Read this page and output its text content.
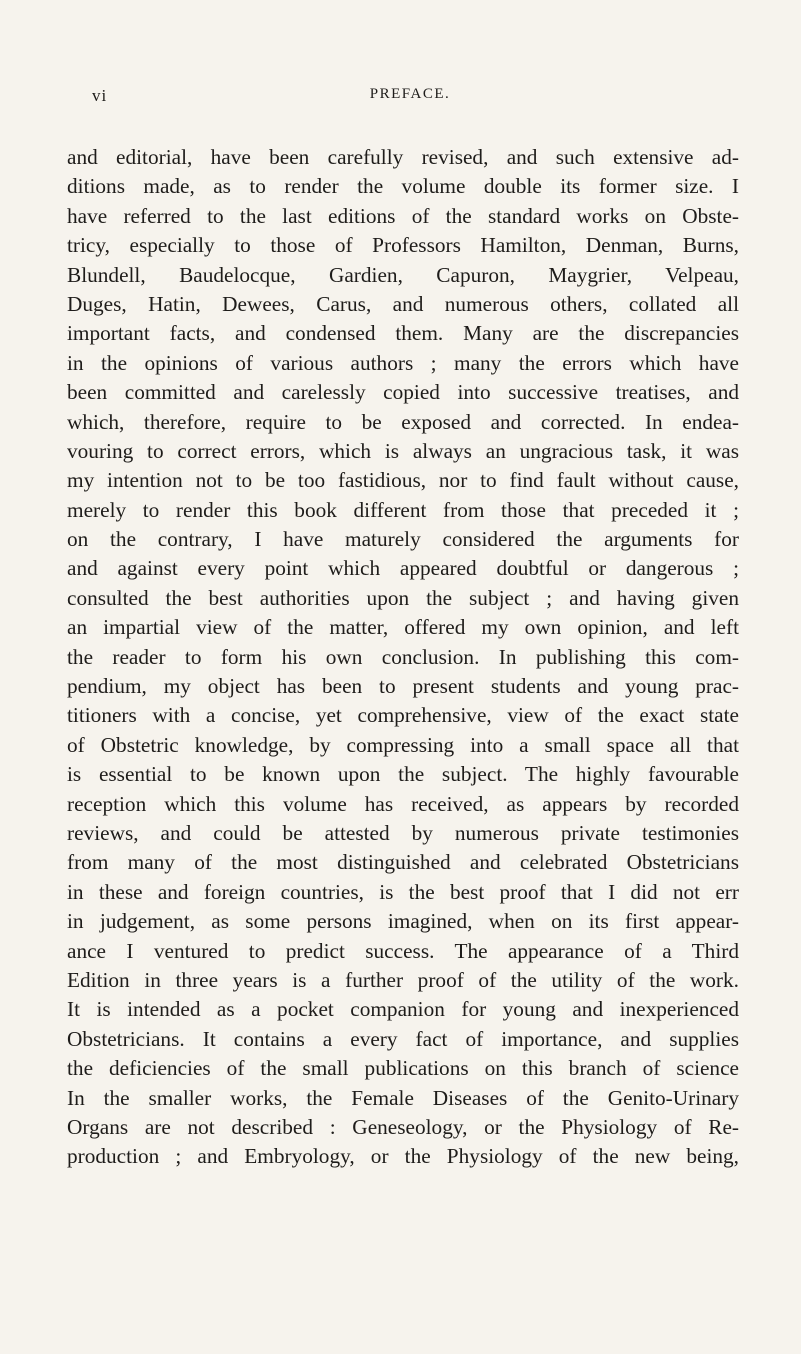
vi	PREFACE.
and editorial, have been carefully revised, and such extensive ad-
ditions made, as to render the volume double its former size. I
have referred to the last editions of the standard works on Obste-
tricy, especially to those of Professors Hamilton, Denman, Burns,
Blundell, Baudelocque, Gardien, Capuron, Maygrier, Velpeau,
Duges, Hatin, Dewees, Carus, and numerous others, collated all
important facts, and condensed them. Many are the discrepancies
in the opinions of various authors ; many the errors which have
been committed and carelessly copied into successive treatises, and
which, therefore, require to be exposed and corrected. In endea-
vouring to correct errors, which is always an ungracious task, it was
my intention not to be too fastidious, nor to find fault without cause,
merely to render this book different from those that preceded it ;
on the contrary, I have maturely considered the arguments for
and against every point which appeared doubtful or dangerous ;
consulted the best authorities upon the subject ; and having given
an impartial view of the matter, offered my own opinion, and left
the reader to form his own conclusion. In publishing this com-
pendium, my object has been to present students and young prac-
titioners with a concise, yet comprehensive, view of the exact state
of Obstetric knowledge, by compressing into a small space all that
is essential to be known upon the subject. The highly favourable
reception which this volume has received, as appears by recorded
reviews, and could be attested by numerous private testimonies
from many of the most distinguished and celebrated Obstetricians
in these and foreign countries, is the best proof that I did not err
in judgement, as some persons imagined, when on its first appear-
ance I ventured to predict success. The appearance of a Third
Edition in three years is a further proof of the utility of the work.
It is intended as a pocket companion for young and inexperienced
Obstetricians. It contains a every fact of importance, and supplies
the deficiencies of the small publications on this branch of science
In the smaller works, the Female Diseases of the Genito-Urinary
Organs are not described : Geneseology, or the Physiology of Re-
production ; and Embryology, or the Physiology of the new being,
